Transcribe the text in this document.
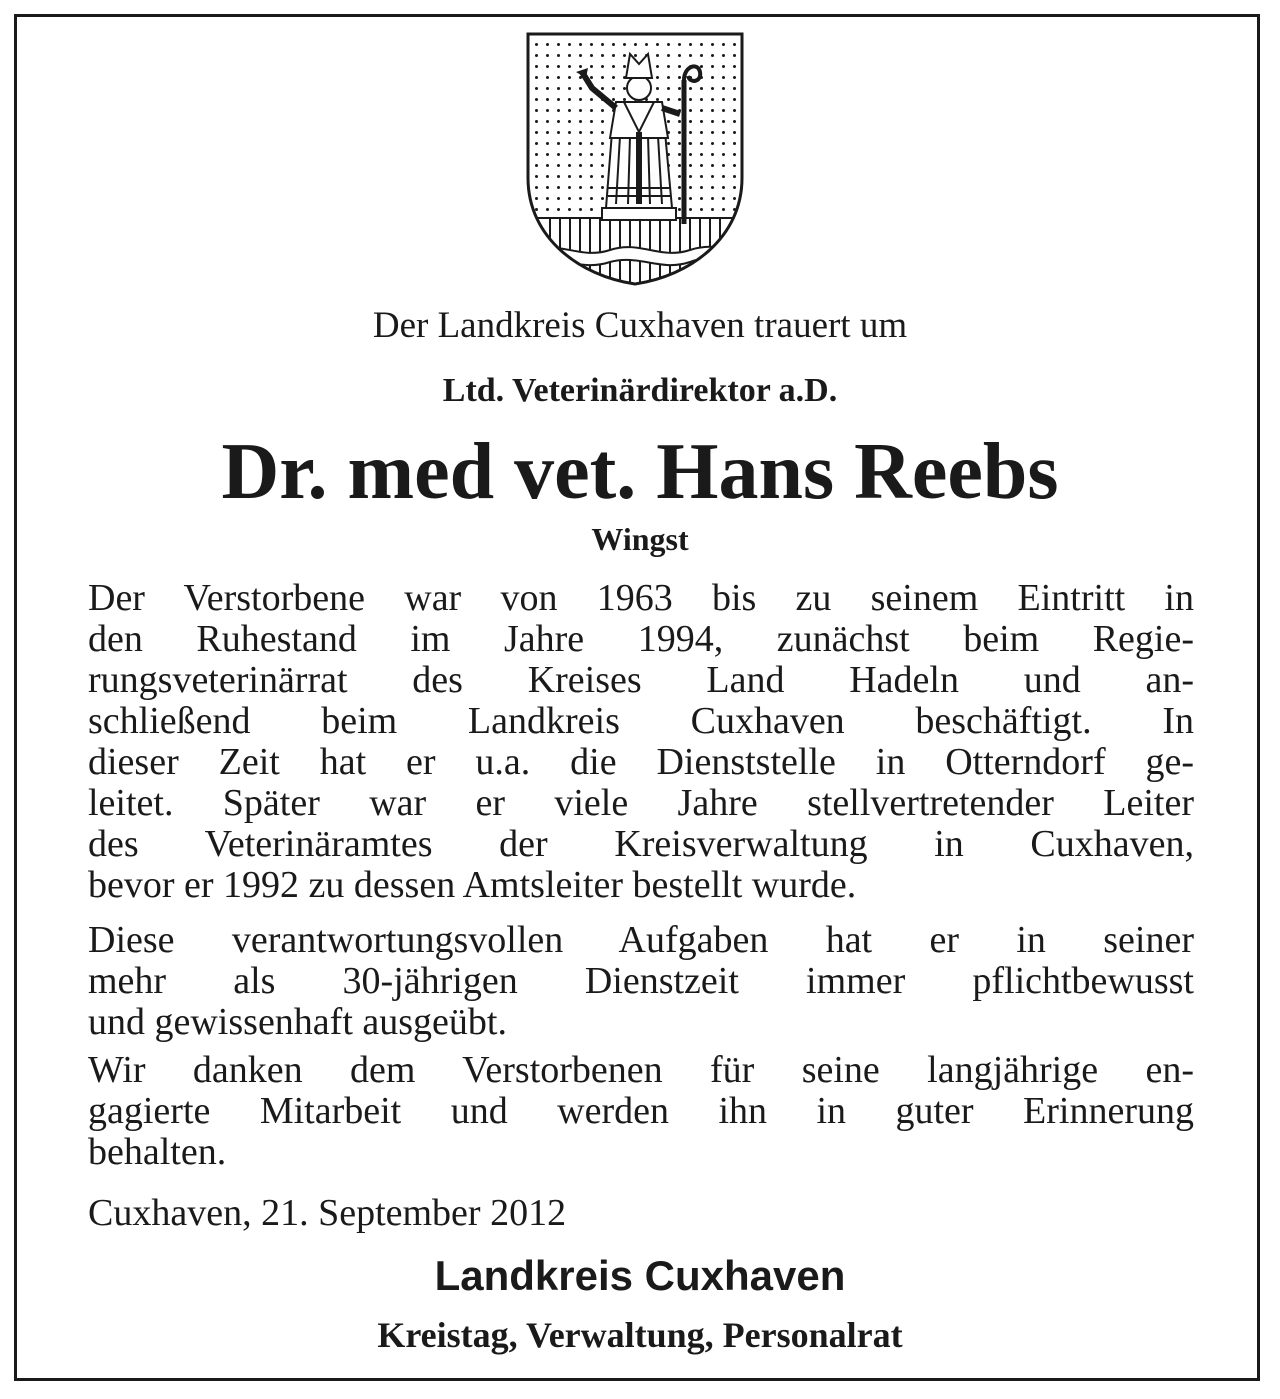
Der Landkreis Cuxhaven trauert um
Ltd. Veterinärdirektor a.D.
Dr. med vet. Hans Reebs
Wingst
Der Verstorbene war von 1963 bis zu seinem Eintritt in
den Ruhestand im Jahre 1994, zunächst beim Regie-
rungsveterinärrat des Kreises Land Hadeln und an-
schließend beim Landkreis Cuxhaven beschäftigt. In
dieser Zeit hat er u.a. die Dienststelle in Otterndorf ge-
leitet. Später war er viele Jahre stellvertretender Leiter
des Veterinäramtes der Kreisverwaltung in Cuxhaven,
bevor er 1992 zu dessen Amtsleiter bestellt wurde.
Diese verantwortungsvollen Aufgaben hat er in seiner
mehr als 30-jährigen Dienstzeit immer pflichtbewusst
und gewissenhaft ausgeübt.
Wir danken dem Verstorbenen für seine langjährige en-
gagierte Mitarbeit und werden ihn in guter Erinnerung
behalten.
Cuxhaven, 21. September 2012
Landkreis Cuxhaven
Kreistag, Verwaltung, Personalrat
